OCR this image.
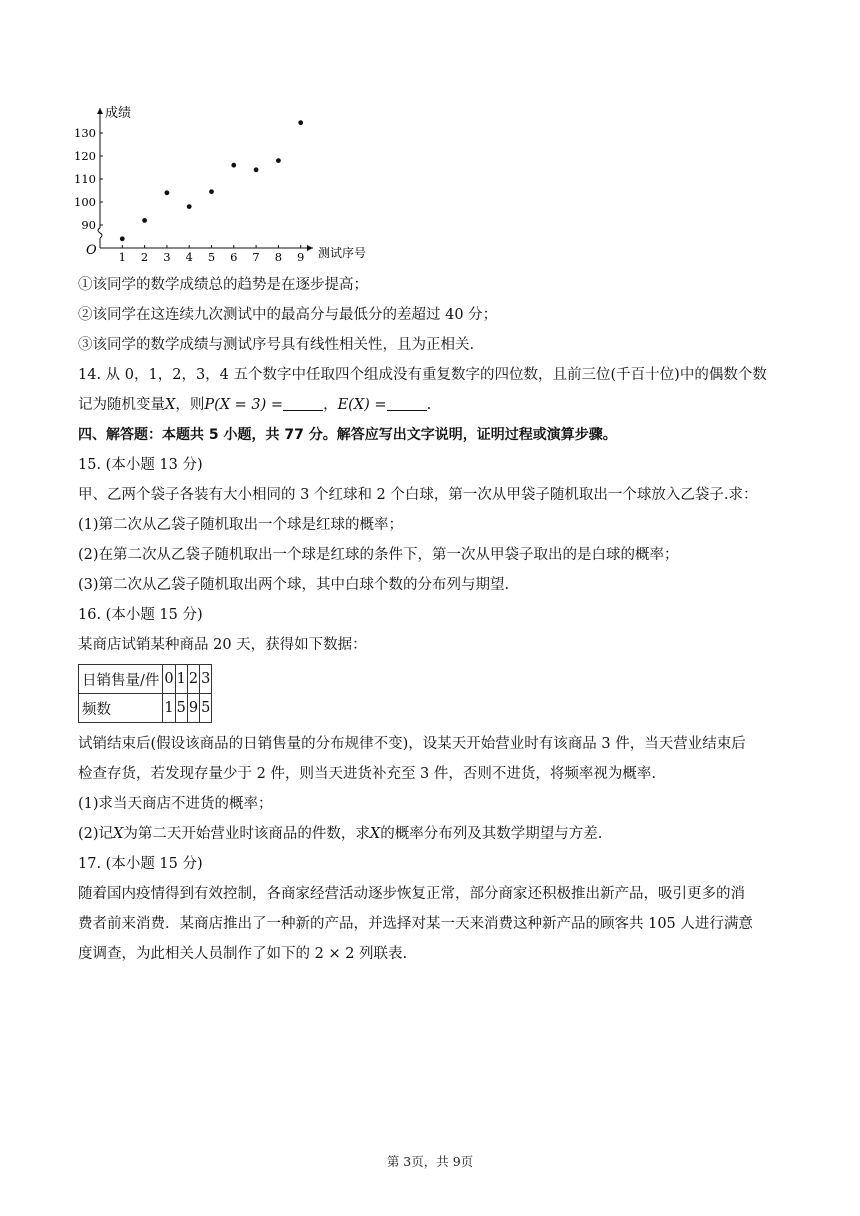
1 2 3 4 5 6 7 8 9
90
100
110
120
130
成绩
测试序号
O
①该同学的数学成绩总的趋势是在逐步提高；
②该同学在这连续九次测试中的最高分与最低分的差超过 40 分；
③该同学的数学成绩与测试序号具有线性相关性，且为正相关.
14. 从 0，1，2，3，4 五个数字中任取四个组成没有重复数字的四位数，且前三位(千百十位)中的偶数个数
记为随机变量X，则P(X = 3) =	，E(X) =	.
四、解答题：本题共 5 小题，共 77 分。解答应写出文字说明，证明过程或演算步骤。
15. (本小题 13 分)
甲、乙两个袋子各装有大小相同的 3 个红球和 2 个白球，第一次从甲袋子随机取出一个球放入乙袋子.求：
(1)第二次从乙袋子随机取出一个球是红球的概率；
(2)在第二次从乙袋子随机取出一个球是红球的条件下，第一次从甲袋子取出的是白球的概率；
(3)第二次从乙袋子随机取出两个球，其中白球个数的分布列与期望.
16. (本小题 15 分)
某商店试销某种商品 20 天，获得如下数据：
日销售量/件	0	1	2	3
频数	1	5	9	5
试销结束后(假设该商品的日销售量的分布规律不变)，设某天开始营业时有该商品 3 件，当天营业结束后
检查存货，若发现存量少于 2 件，则当天进货补充至 3 件，否则不进货，将频率视为概率.
(1)求当天商店不进货的概率；
(2)记X为第二天开始营业时该商品的件数，求X的概率分布列及其数学期望与方差.
17. (本小题 15 分)
随着国内疫情得到有效控制，各商家经营活动逐步恢复正常，部分商家还积极推出新产品，吸引更多的消
费者前来消费．某商店推出了一种新的产品，并选择对某一天来消费这种新产品的顾客共 105 人进行满意
度调查，为此相关人员制作了如下的 2 × 2 列联表.
第 3页，共 9页
